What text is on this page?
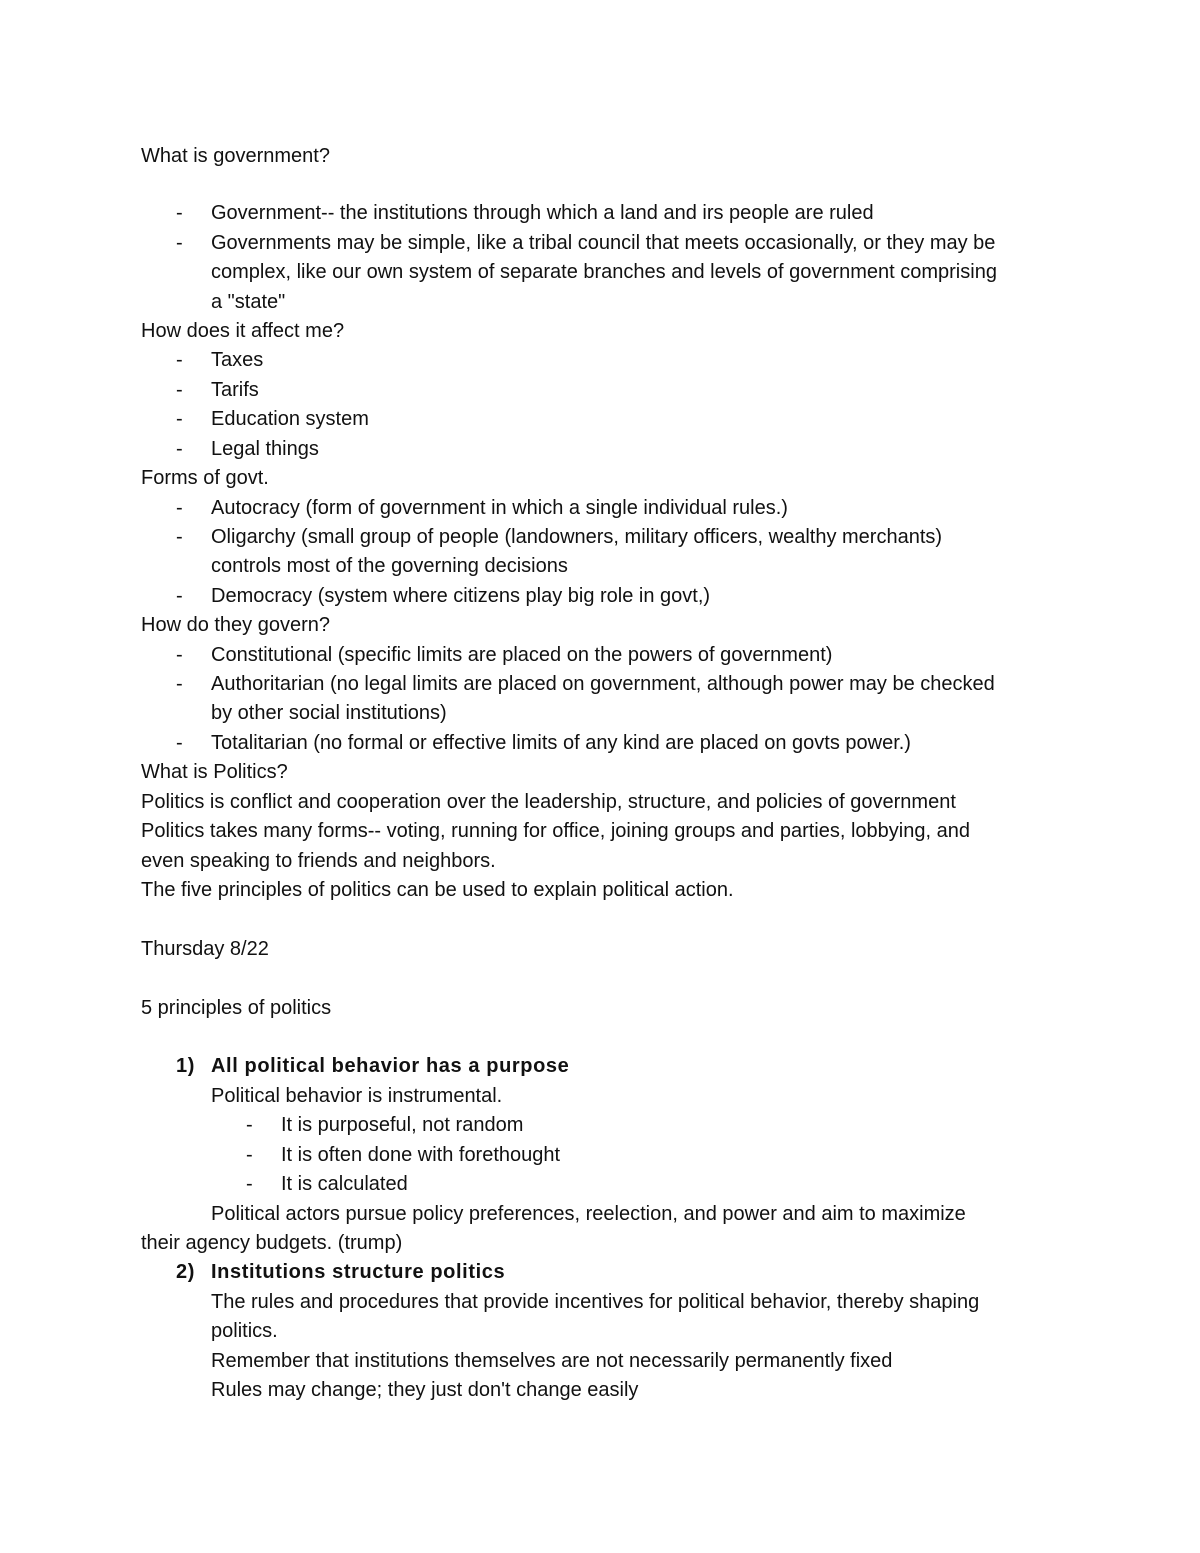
What is government?
- Government-- the institutions through which a land and irs people are ruled
- Governments may be simple, like a tribal council that meets occasionally, or they may be
complex, like our own system of separate branches and levels of government comprising
a "state"
How does it affect me?
- Taxes
- Tarifs
- Education system
- Legal things
Forms of govt.
- Autocracy (form of government in which a single individual rules.)
- Oligarchy (small group of people (landowners, military officers, wealthy merchants)
controls most of the governing decisions
- Democracy (system where citizens play big role in govt,)
How do they govern?
- Constitutional (specific limits are placed on the powers of government)
- Authoritarian (no legal limits are placed on government, although power may be checked
by other social institutions)
- Totalitarian (no formal or effective limits of any kind are placed on govts power.)
What is Politics?
Politics is conflict and cooperation over the leadership, structure, and policies of government
Politics takes many forms-- voting, running for office, joining groups and parties, lobbying, and
even speaking to friends and neighbors.
The five principles of politics can be used to explain political action.
Thursday 8/22
5 principles of politics
1) All political behavior has a purpose
Political behavior is instrumental.
- It is purposeful, not random
- It is often done with forethought
- It is calculated
Political actors pursue policy preferences, reelection, and power and aim to maximize
their agency budgets. (trump)
2) Institutions structure politics
The rules and procedures that provide incentives for political behavior, thereby shaping
politics.
Remember that institutions themselves are not necessarily permanently fixed
Rules may change; they just don't change easily
